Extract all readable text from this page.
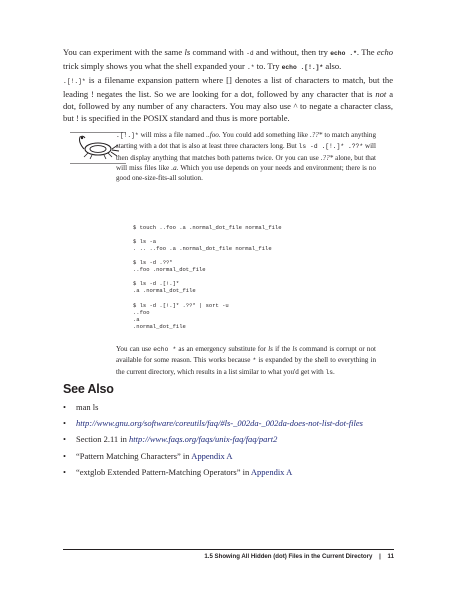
You can experiment with the same ls command with -d and without, then try echo .*. The echo trick simply shows you what the shell expanded your .* to. Try echo .[!.]* also.

.[!.]* is a filename expansion pattern where [] denotes a list of characters to match, but the leading ! negates the list. So we are looking for a dot, followed by any character that is not a dot, followed by any number of any characters. You may also use ^ to negate a character class, but ! is specified in the POSIX standard and thus is more portable.

.[!.]* will miss a file named ..foo. You could add something like .??* to match anything starting with a dot that is also at least three characters long. But ls -d .[!.]* .??* will then display anything that matches both patterns twice. Or you can use .??* alone, but that will miss files like .a. Which you use depends on your needs and environment; there is no good one-size-fits-all solution.

$ touch ..foo .a .normal_dot_file normal_file

$ ls -a
. .. ..foo .a .normal_dot_file normal_file

$ ls -d .??*
..foo .normal_dot_file

$ ls -d .[!.]*
.a .normal_dot_file

$ ls -d .[!.]* .??* | sort -u
..foo
.a
.normal_dot_file

You can use echo * as an emergency substitute for ls if the ls command is corrupt or not available for some reason. This works because * is expanded by the shell to everything in the current directory, which results in a list similar to what you'd get with ls.

See Also
• man ls
• http://www.gnu.org/software/coreutils/faq/#ls-_002da-_002da-does-not-list-dot-files
• Section 2.11 in http://www.faqs.org/faqs/unix-faq/faq/part2
• “Pattern Matching Characters” in Appendix A
• “extglob Extended Pattern-Matching Operators” in Appendix A
1.5 Showing All Hidden (dot) Files in the Current Directory | 11
